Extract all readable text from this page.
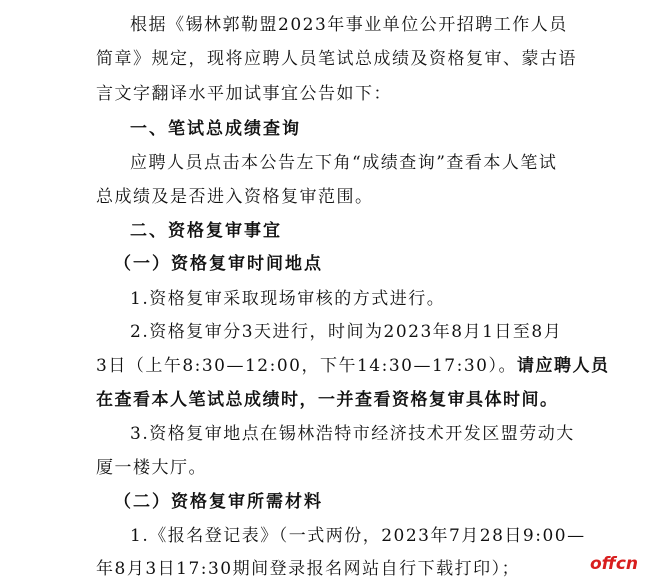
根据《锡林郭勒盟2023年事业单位公开招聘工作人员
简章》规定，现将应聘人员笔试总成绩及资格复审、蒙古语
言文字翻译水平加试事宜公告如下：
一、笔试总成绩查询
应聘人员点击本公告左下角“成绩查询”查看本人笔试
总成绩及是否进入资格复审范围。
二、资格复审事宜
（一）资格复审时间地点
1.资格复审采取现场审核的方式进行。
2.资格复审分3天进行，时间为2023年8月1日至8月
3日（上午8:30—12:00，下午14:30—17:30）。请应聘人员
在查看本人笔试总成绩时，一并查看资格复审具体时间。
3.资格复审地点在锡林浩特市经济技术开发区盟劳动大
厦一楼大厅。
（二）资格复审所需材料
1.《报名登记表》（一式两份，2023年7月28日9:00—
年8月3日17:30期间登录报名网站自行下载打印）；	offcn
